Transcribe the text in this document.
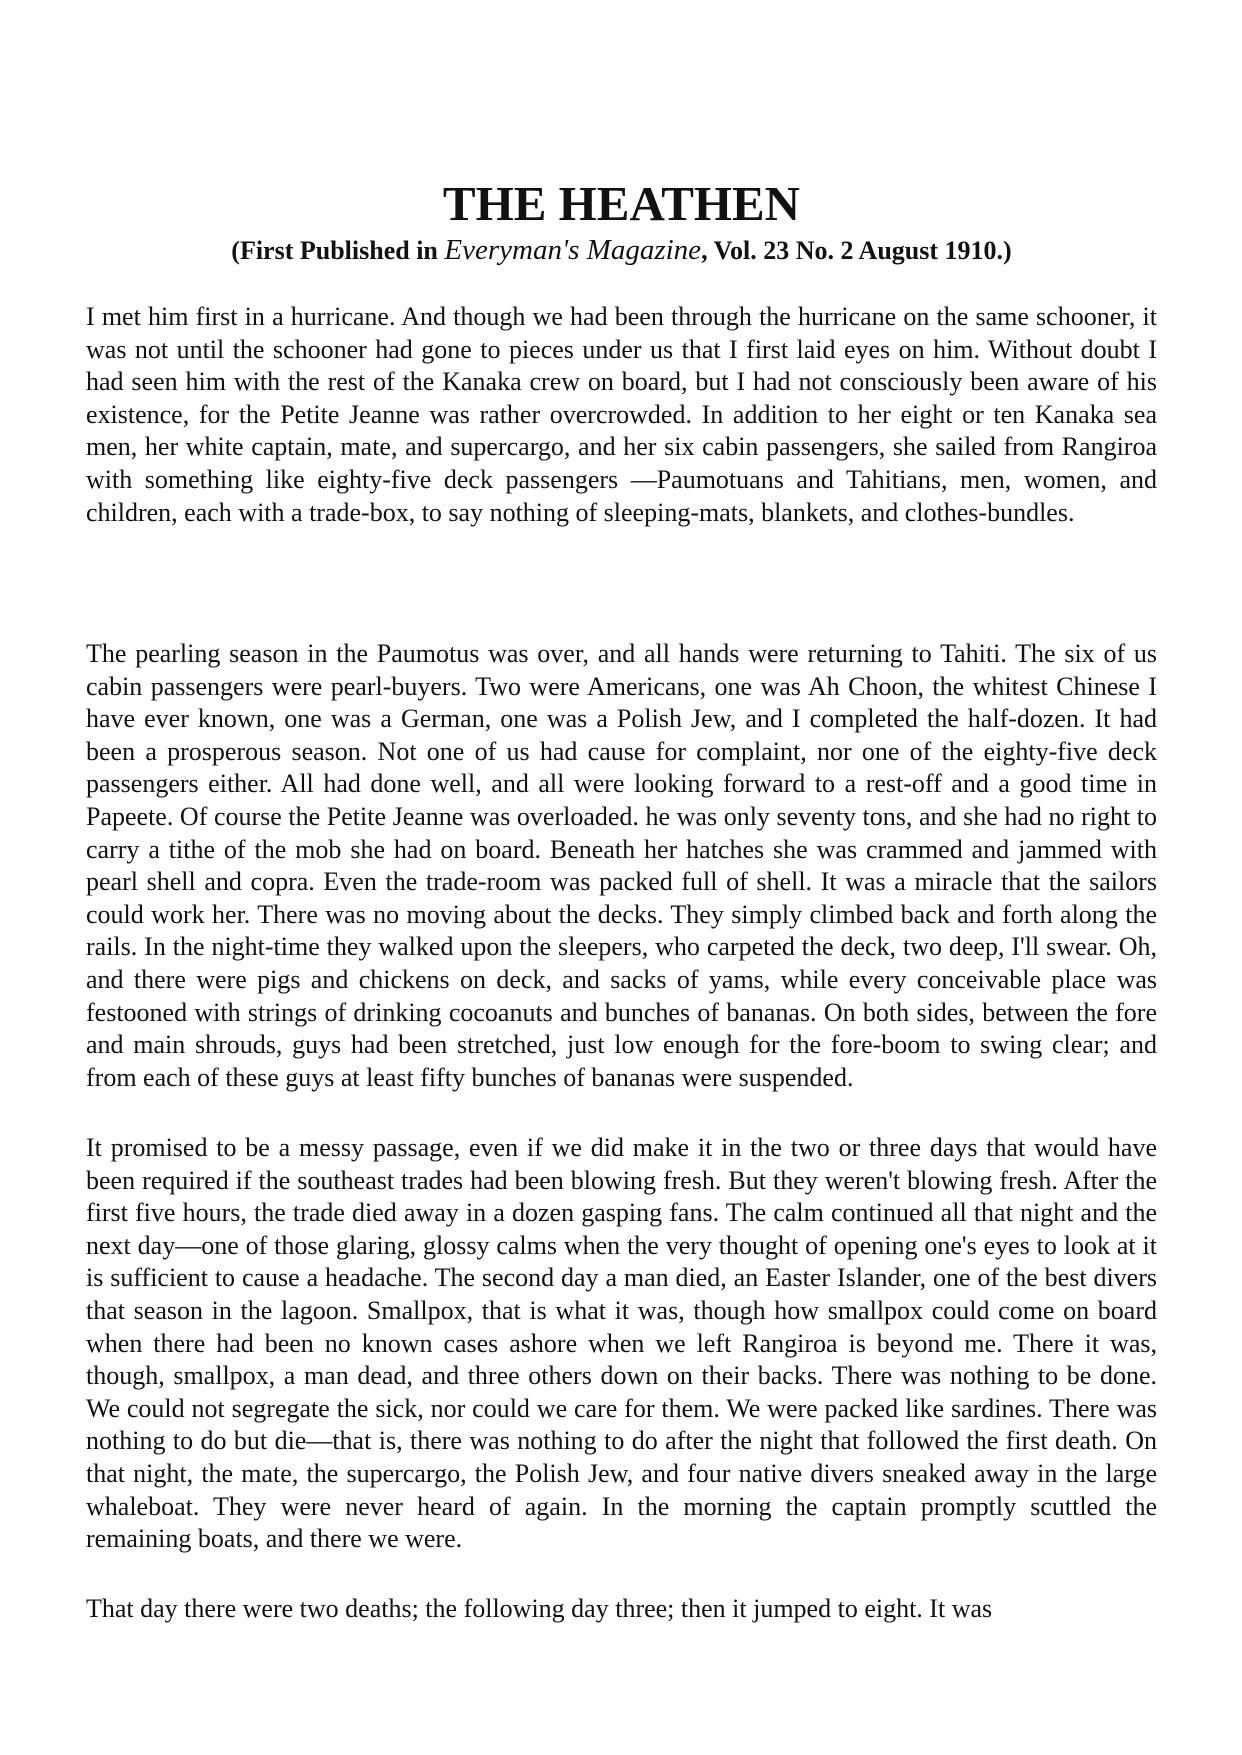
THE HEATHEN

(First Published in Everyman's Magazine, Vol. 23 No. 2 August 1910.)

I met him first in a hurricane. And though we had been through the hurricane on the same schooner, it was not until the schooner had gone to pieces under us that I first laid eyes on him. Without doubt I had seen him with the rest of the Kanaka crew on board, but I had not consciously been aware of his existence, for the Petite Jeanne was rather overcrowded. In addition to her eight or ten Kanaka sea men, her white captain, mate, and supercargo, and her six cabin passengers, she sailed from Rangiroa with something like eighty-five deck passengers —Paumotuans and Tahitians, men, women, and children, each with a trade-box, to say nothing of sleeping-mats, blankets, and clothes-bundles.

The pearling season in the Paumotus was over, and all hands were returning to Tahiti. The six of us cabin passengers were pearl-buyers. Two were Americans, one was Ah Choon, the whitest Chinese I have ever known, one was a German, one was a Polish Jew, and I completed the half-dozen. It had been a prosperous season. Not one of us had cause for complaint, nor one of the eighty-five deck passengers either. All had done well, and all were looking forward to a rest-off and a good time in Papeete. Of course the Petite Jeanne was overloaded. he was only seventy tons, and she had no right to carry a tithe of the mob she had on board. Beneath her hatches she was crammed and jammed with pearl shell and copra. Even the trade-room was packed full of shell. It was a miracle that the sailors could work her. There was no moving about the decks. They simply climbed back and forth along the rails. In the night-time they walked upon the sleepers, who carpeted the deck, two deep, I'll swear. Oh, and there were pigs and chickens on deck, and sacks of yams, while every conceivable place was festooned with strings of drinking cocoanuts and bunches of bananas. On both sides, between the fore and main shrouds, guys had been stretched, just low enough for the fore-boom to swing clear; and from each of these guys at least fifty bunches of bananas were suspended.

It promised to be a messy passage, even if we did make it in the two or three days that would have been required if the southeast trades had been blowing fresh. But they weren't blowing fresh. After the first five hours, the trade died away in a dozen gasping fans. The calm continued all that night and the next day—one of those glaring, glossy calms when the very thought of opening one's eyes to look at it is sufficient to cause a headache. The second day a man died, an Easter Islander, one of the best divers that season in the lagoon. Smallpox, that is what it was, though how smallpox could come on board when there had been no known cases ashore when we left Rangiroa is beyond me. There it was, though, smallpox, a man dead, and three others down on their backs. There was nothing to be done. We could not segregate the sick, nor could we care for them. We were packed like sardines. There was nothing to do but die—that is, there was nothing to do after the night that followed the first death. On that night, the mate, the supercargo, the Polish Jew, and four native divers sneaked away in the large whaleboat. They were never heard of again. In the morning the captain promptly scuttled the remaining boats, and there we were.

That day there were two deaths; the following day three; then it jumped to eight. It was
